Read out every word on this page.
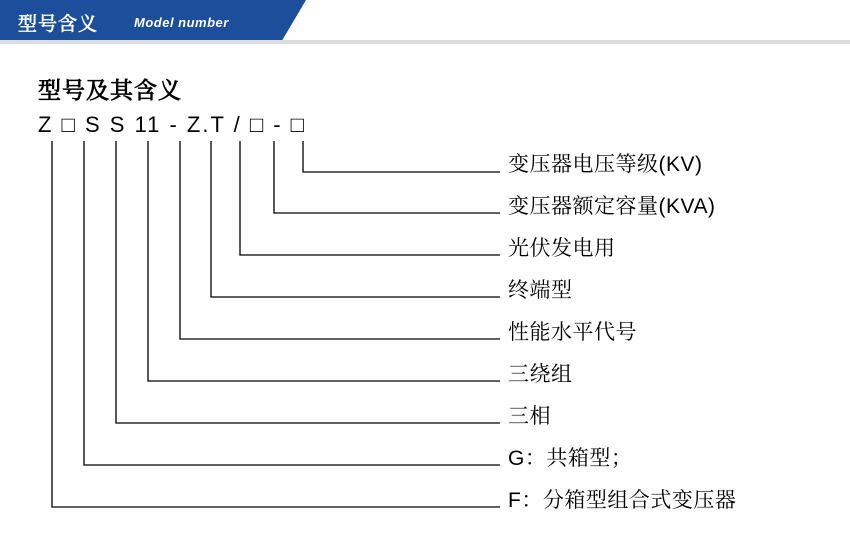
型号含义	Model number
型号及其含义
Z □ S S 11 - Z.T / □ - □
变压器电压等级(KV)
变压器额定容量(KVA)
光伏发电用
终端型
性能水平代号
三绕组
三相
G：共箱型；
F：分箱型组合式变压器
